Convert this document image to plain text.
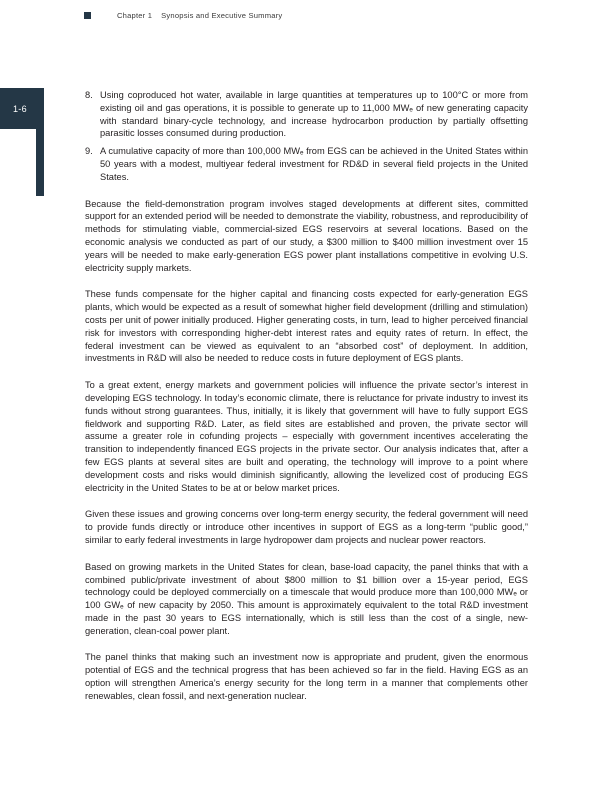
Chapter 1 Synopsis and Executive Summary
1-6
8. Using coproduced hot water, available in large quantities at temperatures up to 100°C or more from existing oil and gas operations, it is possible to generate up to 11,000 MWₑ of new generating capacity with standard binary-cycle technology, and increase hydrocarbon production by partially offsetting parasitic losses consumed during production.
9. A cumulative capacity of more than 100,000 MWₑ from EGS can be achieved in the United States within 50 years with a modest, multiyear federal investment for RD&D in several field projects in the United States.

Because the field-demonstration program involves staged developments at different sites, committed support for an extended period will be needed to demonstrate the viability, robustness, and reproducibility of methods for stimulating viable, commercial-sized EGS reservoirs at several locations. Based on the economic analysis we conducted as part of our study, a $300 million to $400 million investment over 15 years will be needed to make early-generation EGS power plant installations competitive in evolving U.S. electricity supply markets.

These funds compensate for the higher capital and financing costs expected for early-generation EGS plants, which would be expected as a result of somewhat higher field development (drilling and stimulation) costs per unit of power initially produced. Higher generating costs, in turn, lead to higher perceived financial risk for investors with corresponding higher-debt interest rates and equity rates of return. In effect, the federal investment can be viewed as equivalent to an “absorbed cost” of deployment. In addition, investments in R&D will also be needed to reduce costs in future deployment of EGS plants.

To a great extent, energy markets and government policies will influence the private sector’s interest in developing EGS technology. In today’s economic climate, there is reluctance for private industry to invest its funds without strong guarantees. Thus, initially, it is likely that government will have to fully support EGS fieldwork and supporting R&D. Later, as field sites are established and proven, the private sector will assume a greater role in cofunding projects – especially with government incentives accelerating the transition to independently financed EGS projects in the private sector. Our analysis indicates that, after a few EGS plants at several sites are built and operating, the technology will improve to a point where development costs and risks would diminish significantly, allowing the levelized cost of producing EGS electricity in the United States to be at or below market prices.

Given these issues and growing concerns over long-term energy security, the federal government will need to provide funds directly or introduce other incentives in support of EGS as a long-term “public good,” similar to early federal investments in large hydropower dam projects and nuclear power reactors.

Based on growing markets in the United States for clean, base-load capacity, the panel thinks that with a combined public/private investment of about $800 million to $1 billion over a 15-year period, EGS technology could be deployed commercially on a timescale that would produce more than 100,000 MWₑ or 100 GWₑ of new capacity by 2050. This amount is approximately equivalent to the total R&D investment made in the past 30 years to EGS internationally, which is still less than the cost of a single, new-generation, clean-coal power plant.

The panel thinks that making such an investment now is appropriate and prudent, given the enormous potential of EGS and the technical progress that has been achieved so far in the field. Having EGS as an option will strengthen America’s energy security for the long term in a manner that complements other renewables, clean fossil, and next-generation nuclear.
